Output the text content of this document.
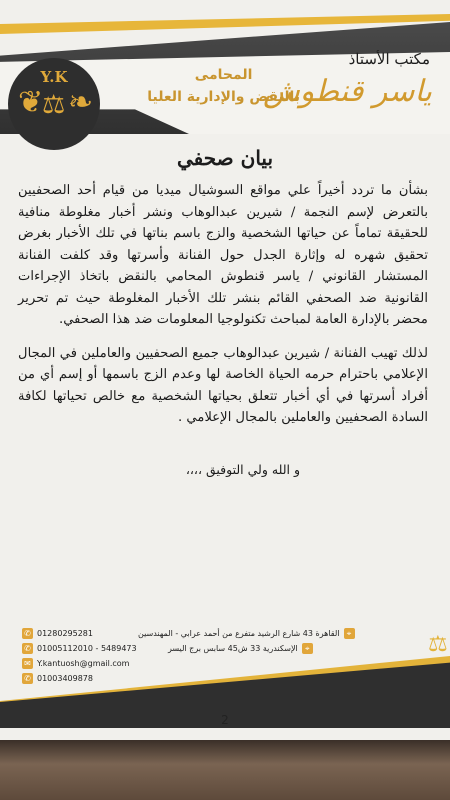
Y.K
❦
⚖ ❧
مكتب الأستاذ
ياسر قنطوش
المحامى
بالنقض والإدارية العليا
بيان صحفي

بشأن ما تردد أخيراً علي مواقع السوشيال ميديا من قيام أحد الصحفيين بالتعرض لإسم النجمة / شيرين عبدالوهاب ونشر أخبار مغلوطة منافية للحقيقة تماماً عن حياتها الشخصية والزج باسم بناتها في تلك الأخبار بغرض تحقيق شهره له وإثارة الجدل حول الفنانة وأسرتها وقد كلفت الفنانة المستشار القانوني / ياسر قنطوش المحامي بالنقض باتخاذ الإجراءات القانونية ضد الصحفي القائم بنشر تلك الأخبار المغلوطة حيث تم تحرير محضر بالإدارة العامة لمباحث تكنولوجيا المعلومات ضد هذا الصحفي.

لذلك تهيب الفنانة / شيرين عبدالوهاب جميع الصحفيين والعاملين في المجال الإعلامي باحترام حرمه الحياة الخاصة لها وعدم الزج باسمها أو إسم أي من أفراد أسرتها في أي أخبار تتعلق بحياتها الشخصية مع خالص تحياتها لكافة السادة الصحفيين والعاملين بالمجال الإعلامي .

و الله ولي التوفيق ،،،،
✆ 01280295281
✆ 01005112010 - 5489473
✉ Y.kantuosh@gmail.com
✆ 01003409878
⌖
القاهرة 43 شارع الرشيد متفرع من أحمد عرابي - المهندسين
⌖
الإسكندرية 33 ش45 سابس برج اليسر	⚖
2
